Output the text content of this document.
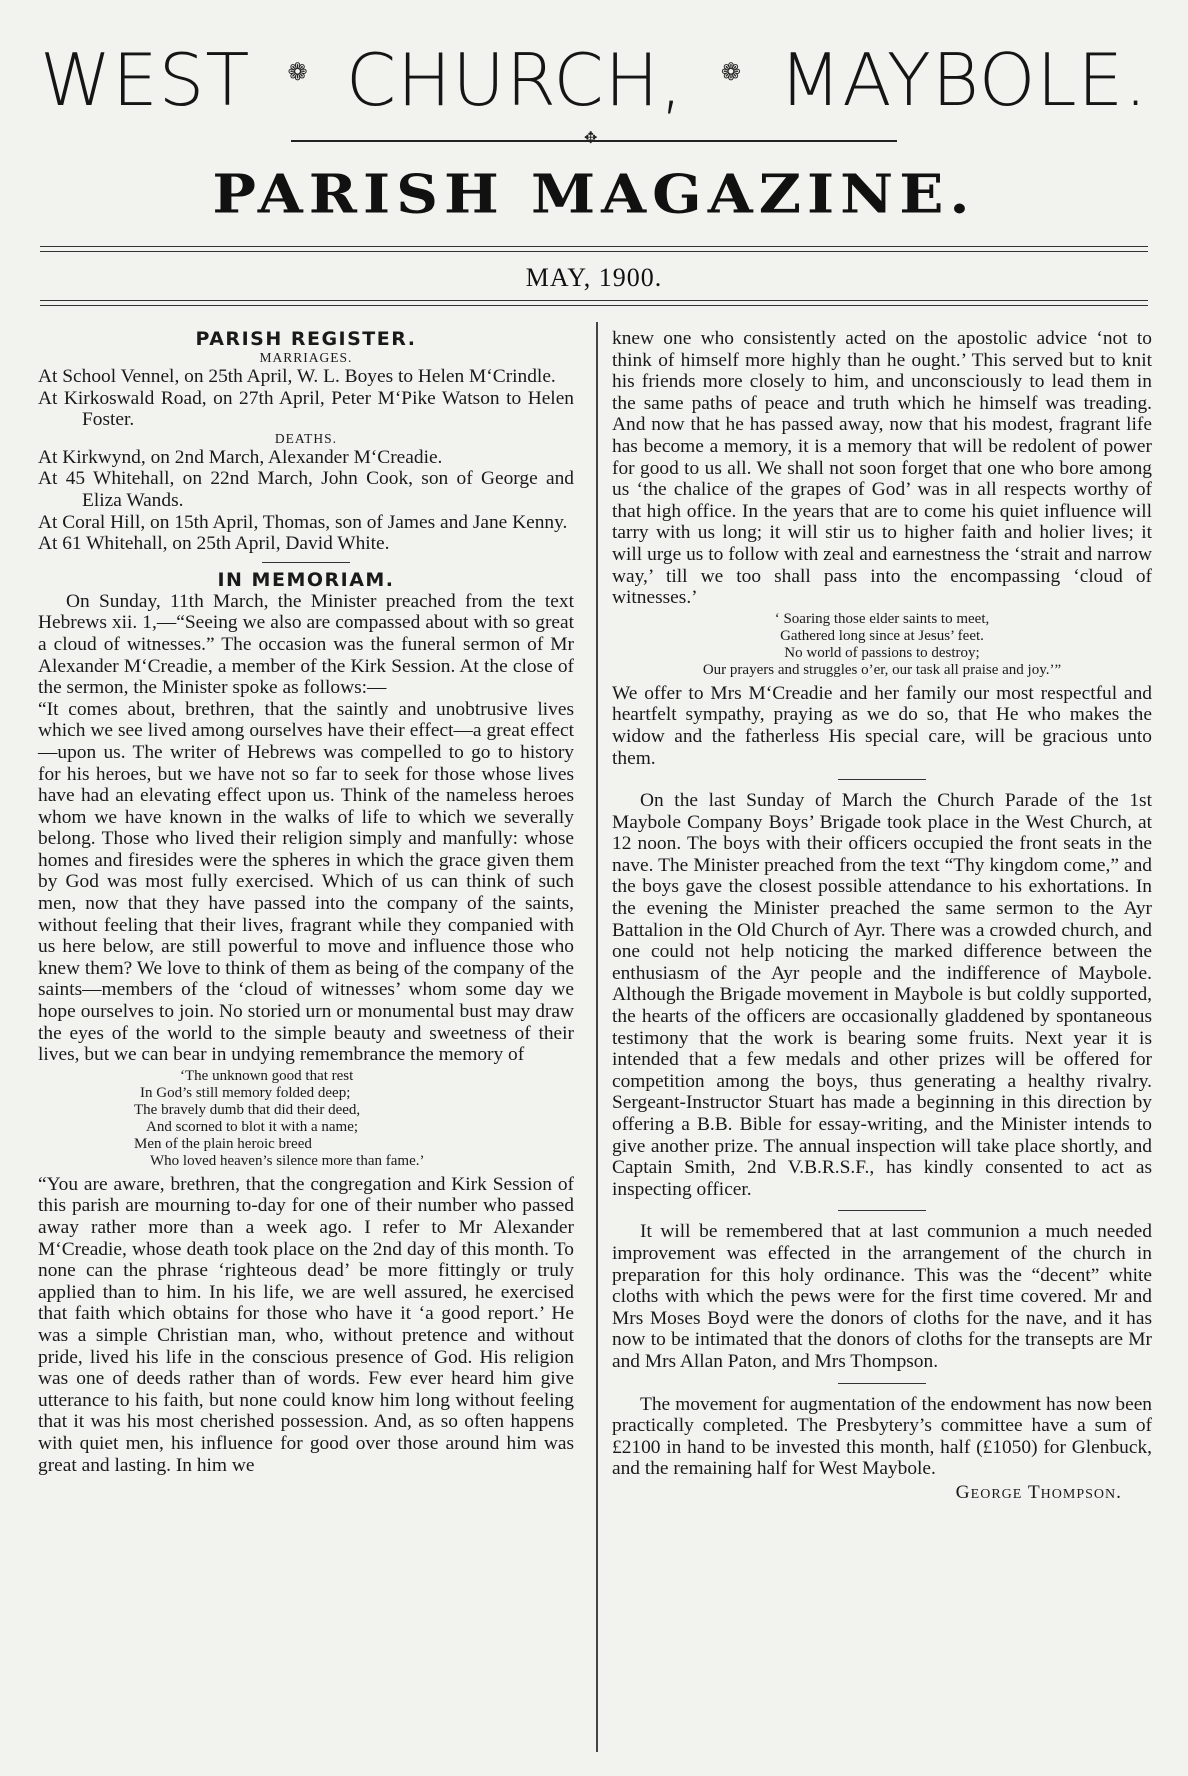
WEST ❁ CHURCH, ❁ MAYBOLE.
✥
PARISH MAGAZINE.
MAY, 1900.
PARISH REGISTER.
MARRIAGES.

At School Vennel, on 25th April, W. L. Boyes to Helen M‘Crindle.

At Kirkoswald Road, on 27th April, Peter M‘Pike Watson to Helen Foster.

DEATHS.

At Kirkwynd, on 2nd March, Alexander M‘Creadie.

At 45 Whitehall, on 22nd March, John Cook, son of George and Eliza Wands.

At Coral Hill, on 15th April, Thomas, son of James and Jane Kenny.

At 61 Whitehall, on 25th April, David White.

IN MEMORIAM.

On Sunday, 11th March, the Minister preached from the text Hebrews xii. 1,—“Seeing we also are compassed about with so great a cloud of witnesses.” The occasion was the funeral sermon of Mr Alexander M‘Creadie, a member of the Kirk Session. At the close of the sermon, the Minister spoke as follows:—

“It comes about, brethren, that the saintly and unobtrusive lives which we see lived among ourselves have their effect—a great effect—upon us. The writer of Hebrews was compelled to go to history for his heroes, but we have not so far to seek for those whose lives have had an elevating effect upon us. Think of the nameless heroes whom we have known in the walks of life to which we severally belong. Those who lived their religion simply and manfully: whose homes and firesides were the spheres in which the grace given them by God was most fully exercised. Which of us can think of such men, now that they have passed into the company of the saints, without feeling that their lives, fragrant while they companied with us here below, are still powerful to move and influence those who knew them? We love to think of them as being of the company of the saints—members of the ‘cloud of witnesses’ whom some day we hope ourselves to join. No storied urn or monumental bust may draw the eyes of the world to the simple beauty and sweetness of their lives, but we can bear in undying remembrance the memory of

‘The unknown good that rest
In God’s still memory folded deep;
The bravely dumb that did their deed,
And scorned to blot it with a name;
Men of the plain heroic breed
Who loved heaven’s silence more than fame.’

“You are aware, brethren, that the congregation and Kirk Session of this parish are mourning to-day for one of their number who passed away rather more than a week ago. I refer to Mr Alexander M‘Creadie, whose death took place on the 2nd day of this month. To none can the phrase ‘righteous dead’ be more fittingly or truly applied than to him. In his life, we are well assured, he exercised that faith which obtains for those who have it ‘a good report.’ He was a simple Christian man, who, without pretence and without pride, lived his life in the conscious presence of God. His religion was one of deeds rather than of words. Few ever heard him give utterance to his faith, but none could know him long without feeling that it was his most cherished possession. And, as so often happens with quiet men, his influence for good over those around him was great and lasting. In him we

knew one who consistently acted on the apostolic advice ‘not to think of himself more highly than he ought.’ This served but to knit his friends more closely to him, and unconsciously to lead them in the same paths of peace and truth which he himself was treading. And now that he has passed away, now that his modest, fragrant life has become a memory, it is a memory that will be redolent of power for good to us all. We shall not soon forget that one who bore among us ‘the chalice of the grapes of God’ was in all respects worthy of that high office. In the years that are to come his quiet influence will tarry with us long; it will stir us to higher faith and holier lives; it will urge us to follow with zeal and earnestness the ‘strait and narrow way,’ till we too shall pass into the encompassing ‘cloud of witnesses.’

‘ Soaring those elder saints to meet,
Gathered long since at Jesus’ feet.
No world of passions to destroy;
Our prayers and struggles o’er, our task all praise and joy.’”

We offer to Mrs M‘Creadie and her family our most respectful and heartfelt sympathy, praying as we do so, that He who makes the widow and the fatherless His special care, will be gracious unto them.

On the last Sunday of March the Church Parade of the 1st Maybole Company Boys’ Brigade took place in the West Church, at 12 noon. The boys with their officers occupied the front seats in the nave. The Minister preached from the text “Thy kingdom come,” and the boys gave the closest possible attendance to his exhortations. In the evening the Minister preached the same sermon to the Ayr Battalion in the Old Church of Ayr. There was a crowded church, and one could not help noticing the marked difference between the enthusiasm of the Ayr people and the indifference of Maybole. Although the Brigade movement in Maybole is but coldly supported, the hearts of the officers are occasionally gladdened by spontaneous testimony that the work is bearing some fruits. Next year it is intended that a few medals and other prizes will be offered for competition among the boys, thus generating a healthy rivalry. Sergeant-Instructor Stuart has made a beginning in this direction by offering a B.B. Bible for essay-writing, and the Minister intends to give another prize. The annual inspection will take place shortly, and Captain Smith, 2nd V.B.R.S.F., has kindly consented to act as inspecting officer.

It will be remembered that at last communion a much needed improvement was effected in the arrangement of the church in preparation for this holy ordinance. This was the “decent” white cloths with which the pews were for the first time covered. Mr and Mrs Moses Boyd were the donors of cloths for the nave, and it has now to be intimated that the donors of cloths for the transepts are Mr and Mrs Allan Paton, and Mrs Thompson.

The movement for augmentation of the endowment has now been practically completed. The Presbytery’s committee have a sum of £2100 in hand to be invested this month, half (£1050) for Glenbuck, and the remaining half for West Maybole.

George Thompson.
